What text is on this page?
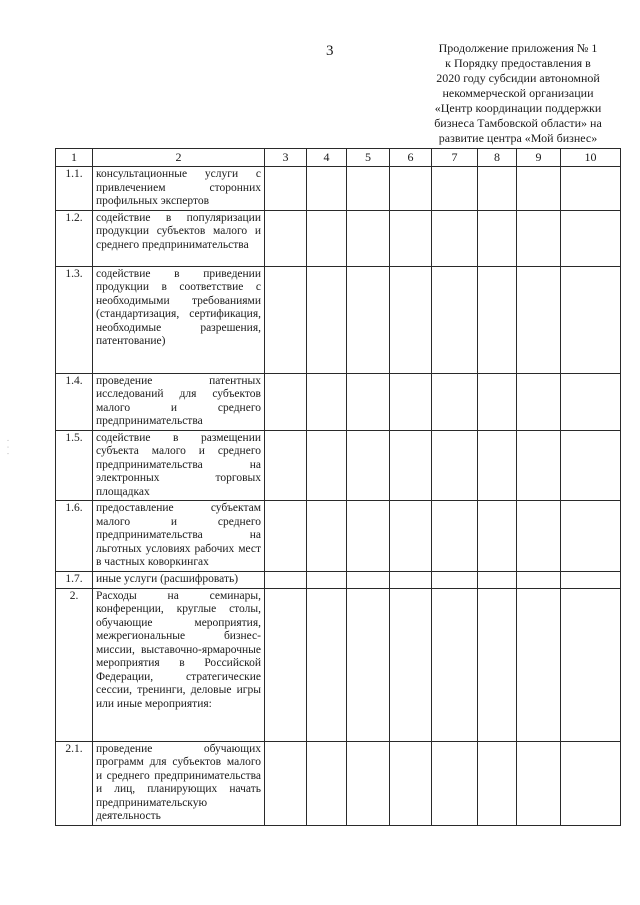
3	Продолжение приложения № 1
к Порядку предоставления в
2020 году субсидии автономной
некоммерческой организации
«Центр координации поддержки
бизнеса Тамбовской области» на
развитие центра «Мой бизнес»
· · ·
1	2	3	4	5	6	7	8	9	10
1.1.	консультационные услуги с привлечением сторонних профильных экспертов								
1.2.	содействие в популяризации продукции субъектов малого и среднего предпринимательства								
1.3.	содействие в приведении продукции в соответствие с необходимыми требованиями (стандартизация, сертификация, необходимые разрешения, патентование)								
1.4.	проведение патентных исследований для субъектов малого и среднего предпринимательства								
1.5.	содействие в размещении субъекта малого и среднего предпринимательства на электронных торговых площадках								
1.6.	предоставление субъектам малого и среднего предпринимательства на льготных условиях рабочих мест в частных коворкингах								
1.7.	иные услуги (расшифровать)								
2.	Расходы на семинары, конференции, круглые столы, обучающие мероприятия, межрегиональные бизнес-миссии, выставочно-ярмарочные мероприятия в Российской Федерации, стратегические сессии, тренинги, деловые игры или иные мероприятия:								
2.1.	проведение обучающих программ для субъектов малого и среднего предпринимательства и лиц, планирующих начать предпринимательскую деятельность								
